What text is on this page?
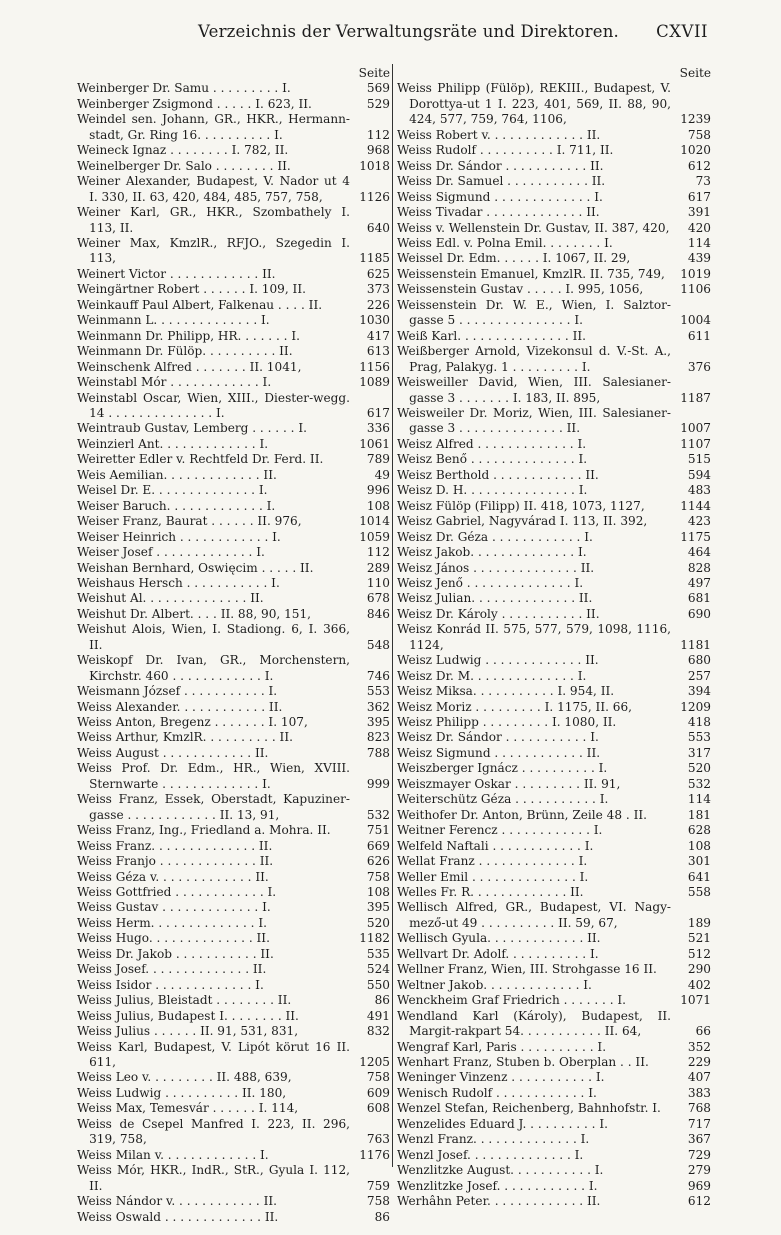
Verzeichnis der Verwaltungsräte und Direktoren. CXVII
Seite
Weinberger Dr. Samu . . . . . . . . . I.	569
Weinberger Zsigmond . . . . . I. 623, II.	529
Weindel sen. Johann, GR., HKR., Hermann-stadt, Gr. Ring 16. . . . . . . . . . I.	112
Weineck Ignaz . . . . . . . . I. 782, II.	968
Weinelberger Dr. Salo . . . . . . . . II.	1018
Weiner Alexander, Budapest, V. Nador ut 4 I. 330, II. 63, 420, 484, 485, 757, 758,	1126
Weiner Karl, GR., HKR., Szombathely I. 113, II.	640
Weiner Max, KmzlR., RFJO., Szegedin I. 113,	1185
Weinert Victor . . . . . . . . . . . . II.	625
Weingärtner Robert . . . . . . I. 109, II.	373
Weinkauff Paul Albert, Falkenau . . . . II.	226
Weinmann L. . . . . . . . . . . . . . I.	1030
Weinmann Dr. Philipp, HR. . . . . . . I.	417
Weinmann Dr. Fülöp. . . . . . . . . . II.	613
Weinschenk Alfred . . . . . . . II. 1041,	1156
Weinstabl Mór . . . . . . . . . . . . I.	1089
Weinstabl Oscar, Wien, XIII., Diester-wegg. 14 . . . . . . . . . . . . . . I.	617
Weintraub Gustav, Lemberg . . . . . . I.	336
Weinzierl Ant. . . . . . . . . . . . . I.	1061
Weiretter Edler v. Rechtfeld Dr. Ferd. II.	789
Weis Aemilian. . . . . . . . . . . . . II.	49
Weisel Dr. E. . . . . . . . . . . . . . I.	996
Weiser Baruch. . . . . . . . . . . . . I.	108
Weiser Franz, Baurat . . . . . . II. 976,	1014
Weiser Heinrich . . . . . . . . . . . . I.	1059
Weiser Josef . . . . . . . . . . . . . I.	112
Weishan Bernhard, Oswięcim . . . . . II.	289
Weishaus Hersch . . . . . . . . . . . I.	110
Weishut Al. . . . . . . . . . . . . . II.	678
Weishut Dr. Albert. . . . II. 88, 90, 151,	846
Weishut Alois, Wien, I. Stadiong. 6, I. 366, II.	548
Weiskopf Dr. Ivan, GR., Morchenstern, Kirchstr. 460 . . . . . . . . . . . . I.	746
Weismann József . . . . . . . . . . . I.	553
Weiss Alexander. . . . . . . . . . . . II.	362
Weiss Anton, Bregenz . . . . . . . I. 107,	395
Weiss Arthur, KmzlR. . . . . . . . . . II.	823
Weiss August . . . . . . . . . . . . II.	788
Weiss Prof. Dr. Edm., HR., Wien, XVIII. Sternwarte . . . . . . . . . . . . . I.	999
Weiss Franz, Essek, Oberstadt, Kapuziner-gasse . . . . . . . . . . . . II. 13, 91,	532
Weiss Franz, Ing., Friedland a. Mohra. II.	751
Weiss Franz. . . . . . . . . . . . . . II.	669
Weiss Franjo . . . . . . . . . . . . . II.	626
Weiss Géza v. . . . . . . . . . . . . II.	758
Weiss Gottfried . . . . . . . . . . . . I.	108
Weiss Gustav . . . . . . . . . . . . . I.	395
Weiss Herm. . . . . . . . . . . . . . I.	520
Weiss Hugo. . . . . . . . . . . . . . II.	1182
Weiss Dr. Jakob . . . . . . . . . . . II.	535
Weiss Josef. . . . . . . . . . . . . . II.	524
Weiss Isidor . . . . . . . . . . . . . I.	550
Weiss Julius, Bleistadt . . . . . . . . II.	86
Weiss Julius, Budapest I. . . . . . . . II.	491
Weiss Julius . . . . . . II. 91, 531, 831,	832
Weiss Karl, Budapest, V. Lipót körut 16 II. 611,	1205
Weiss Leo v. . . . . . . . . II. 488, 639,	758
Weiss Ludwig . . . . . . . . . . II. 180,	609
Weiss Max, Temesvár . . . . . . I. 114,	608
Weiss de Csepel Manfred I. 223, II. 296, 319, 758,	763
Weiss Milan v. . . . . . . . . . . . . I.	1176
Weiss Mór, HKR., IndR., StR., Gyula I. 112, II.	759
Weiss Nándor v. . . . . . . . . . . . II.	758
Weiss Oswald . . . . . . . . . . . . . II.	86
Seite
Weiss Philipp (Fülöp), REKIII., Budapest, V. Dorottya-ut 1 I. 223, 401, 569, II. 88, 90, 424, 577, 759, 764, 1106,	1239
Weiss Robert v. . . . . . . . . . . . . II.	758
Weiss Rudolf . . . . . . . . . . I. 711, II.	1020
Weiss Dr. Sándor . . . . . . . . . . . II.	612
Weiss Dr. Samuel . . . . . . . . . . . II.	73
Weiss Sigmund . . . . . . . . . . . . . I.	617
Weiss Tivadar . . . . . . . . . . . . . II.	391
Weiss v. Wellenstein Dr. Gustav, II. 387, 420,	420
Weiss Edl. v. Polna Emil. . . . . . . . I.	114
Weissel Dr. Edm. . . . . . I. 1067, II. 29,	439
Weissenstein Emanuel, KmzlR. II. 735, 749,	1019
Weissenstein Gustav . . . . . I. 995, 1056,	1106
Weissenstein Dr. W. E., Wien, I. Salztor-gasse 5 . . . . . . . . . . . . . . . I.	1004
Weiß Karl. . . . . . . . . . . . . . . II.	611
Weißberger Arnold, Vizekonsul d. V.-St. A., Prag, Palakyg. 1 . . . . . . . . . I.	376
Weisweiller David, Wien, III. Salesianer-gasse 3 . . . . . . . I. 183, II. 895,	1187
Weisweiler Dr. Moriz, Wien, III. Salesianer-gasse 3 . . . . . . . . . . . . . . II.	1007
Weisz Alfred . . . . . . . . . . . . . I.	1107
Weisz Benő . . . . . . . . . . . . . . I.	515
Weisz Berthold . . . . . . . . . . . . II.	594
Weisz D. H. . . . . . . . . . . . . . . I.	483
Weisz Fülöp (Filipp) II. 418, 1073, 1127,	1144
Weisz Gabriel, Nagyvárad I. 113, II. 392,	423
Weisz Dr. Géza . . . . . . . . . . . . I.	1175
Weisz Jakob. . . . . . . . . . . . . . I.	464
Weisz János . . . . . . . . . . . . . . II.	828
Weisz Jenő . . . . . . . . . . . . . . I.	497
Weisz Julian. . . . . . . . . . . . . . II.	681
Weisz Dr. Károly . . . . . . . . . . . II.	690
Weisz Konrád II. 575, 577, 579, 1098, 1116, 1124,	1181
Weisz Ludwig . . . . . . . . . . . . . II.	680
Weisz Dr. M. . . . . . . . . . . . . . I.	257
Weisz Miksa. . . . . . . . . . . I. 954, II.	394
Weisz Moriz . . . . . . . . . I. 1175, II. 66,	1209
Weisz Philipp . . . . . . . . . I. 1080, II.	418
Weisz Dr. Sándor . . . . . . . . . . . I.	553
Weisz Sigmund . . . . . . . . . . . . II.	317
Weiszberger Ignácz . . . . . . . . . . I.	520
Weiszmayer Oskar . . . . . . . . . II. 91,	532
Weiterschütz Géza . . . . . . . . . . . I.	114
Weithofer Dr. Anton, Brünn, Zeile 48 . II.	181
Weitner Ferencz . . . . . . . . . . . . I.	628
Welfeld Naftali . . . . . . . . . . . . I.	108
Wellat Franz . . . . . . . . . . . . . I.	301
Weller Emil . . . . . . . . . . . . . . I.	641
Welles Fr. R. . . . . . . . . . . . . II.	558
Wellisch Alfred, GR., Budapest, VI. Nagy-mező-ut 49 . . . . . . . . . . II. 59, 67,	189
Wellisch Gyula. . . . . . . . . . . . . II.	521
Wellvart Dr. Adolf. . . . . . . . . . . I.	512
Wellner Franz, Wien, III. Strohgasse 16 II.	290
Weltner Jakob. . . . . . . . . . . . . I.	402
Wenckheim Graf Friedrich . . . . . . . I.	1071
Wendland Karl (Károly), Budapest, II. Margit-rakpart 54. . . . . . . . . . . II. 64,	66
Wengraf Karl, Paris . . . . . . . . . . I.	352
Wenhart Franz, Stuben b. Oberplan . . II.	229
Weninger Vinzenz . . . . . . . . . . . I.	407
Wenisch Rudolf . . . . . . . . . . . . I.	383
Wenzel Stefan, Reichenberg, Bahnhofstr. I.	768
Wenzelides Eduard J. . . . . . . . . . I.	717
Wenzl Franz. . . . . . . . . . . . . . I.	367
Wenzl Josef. . . . . . . . . . . . . . I.	729
Wenzlitzke August. . . . . . . . . . . I.	279
Wenzlitzke Josef. . . . . . . . . . . . I.	969
Werhâhn Peter. . . . . . . . . . . . . II.	612
